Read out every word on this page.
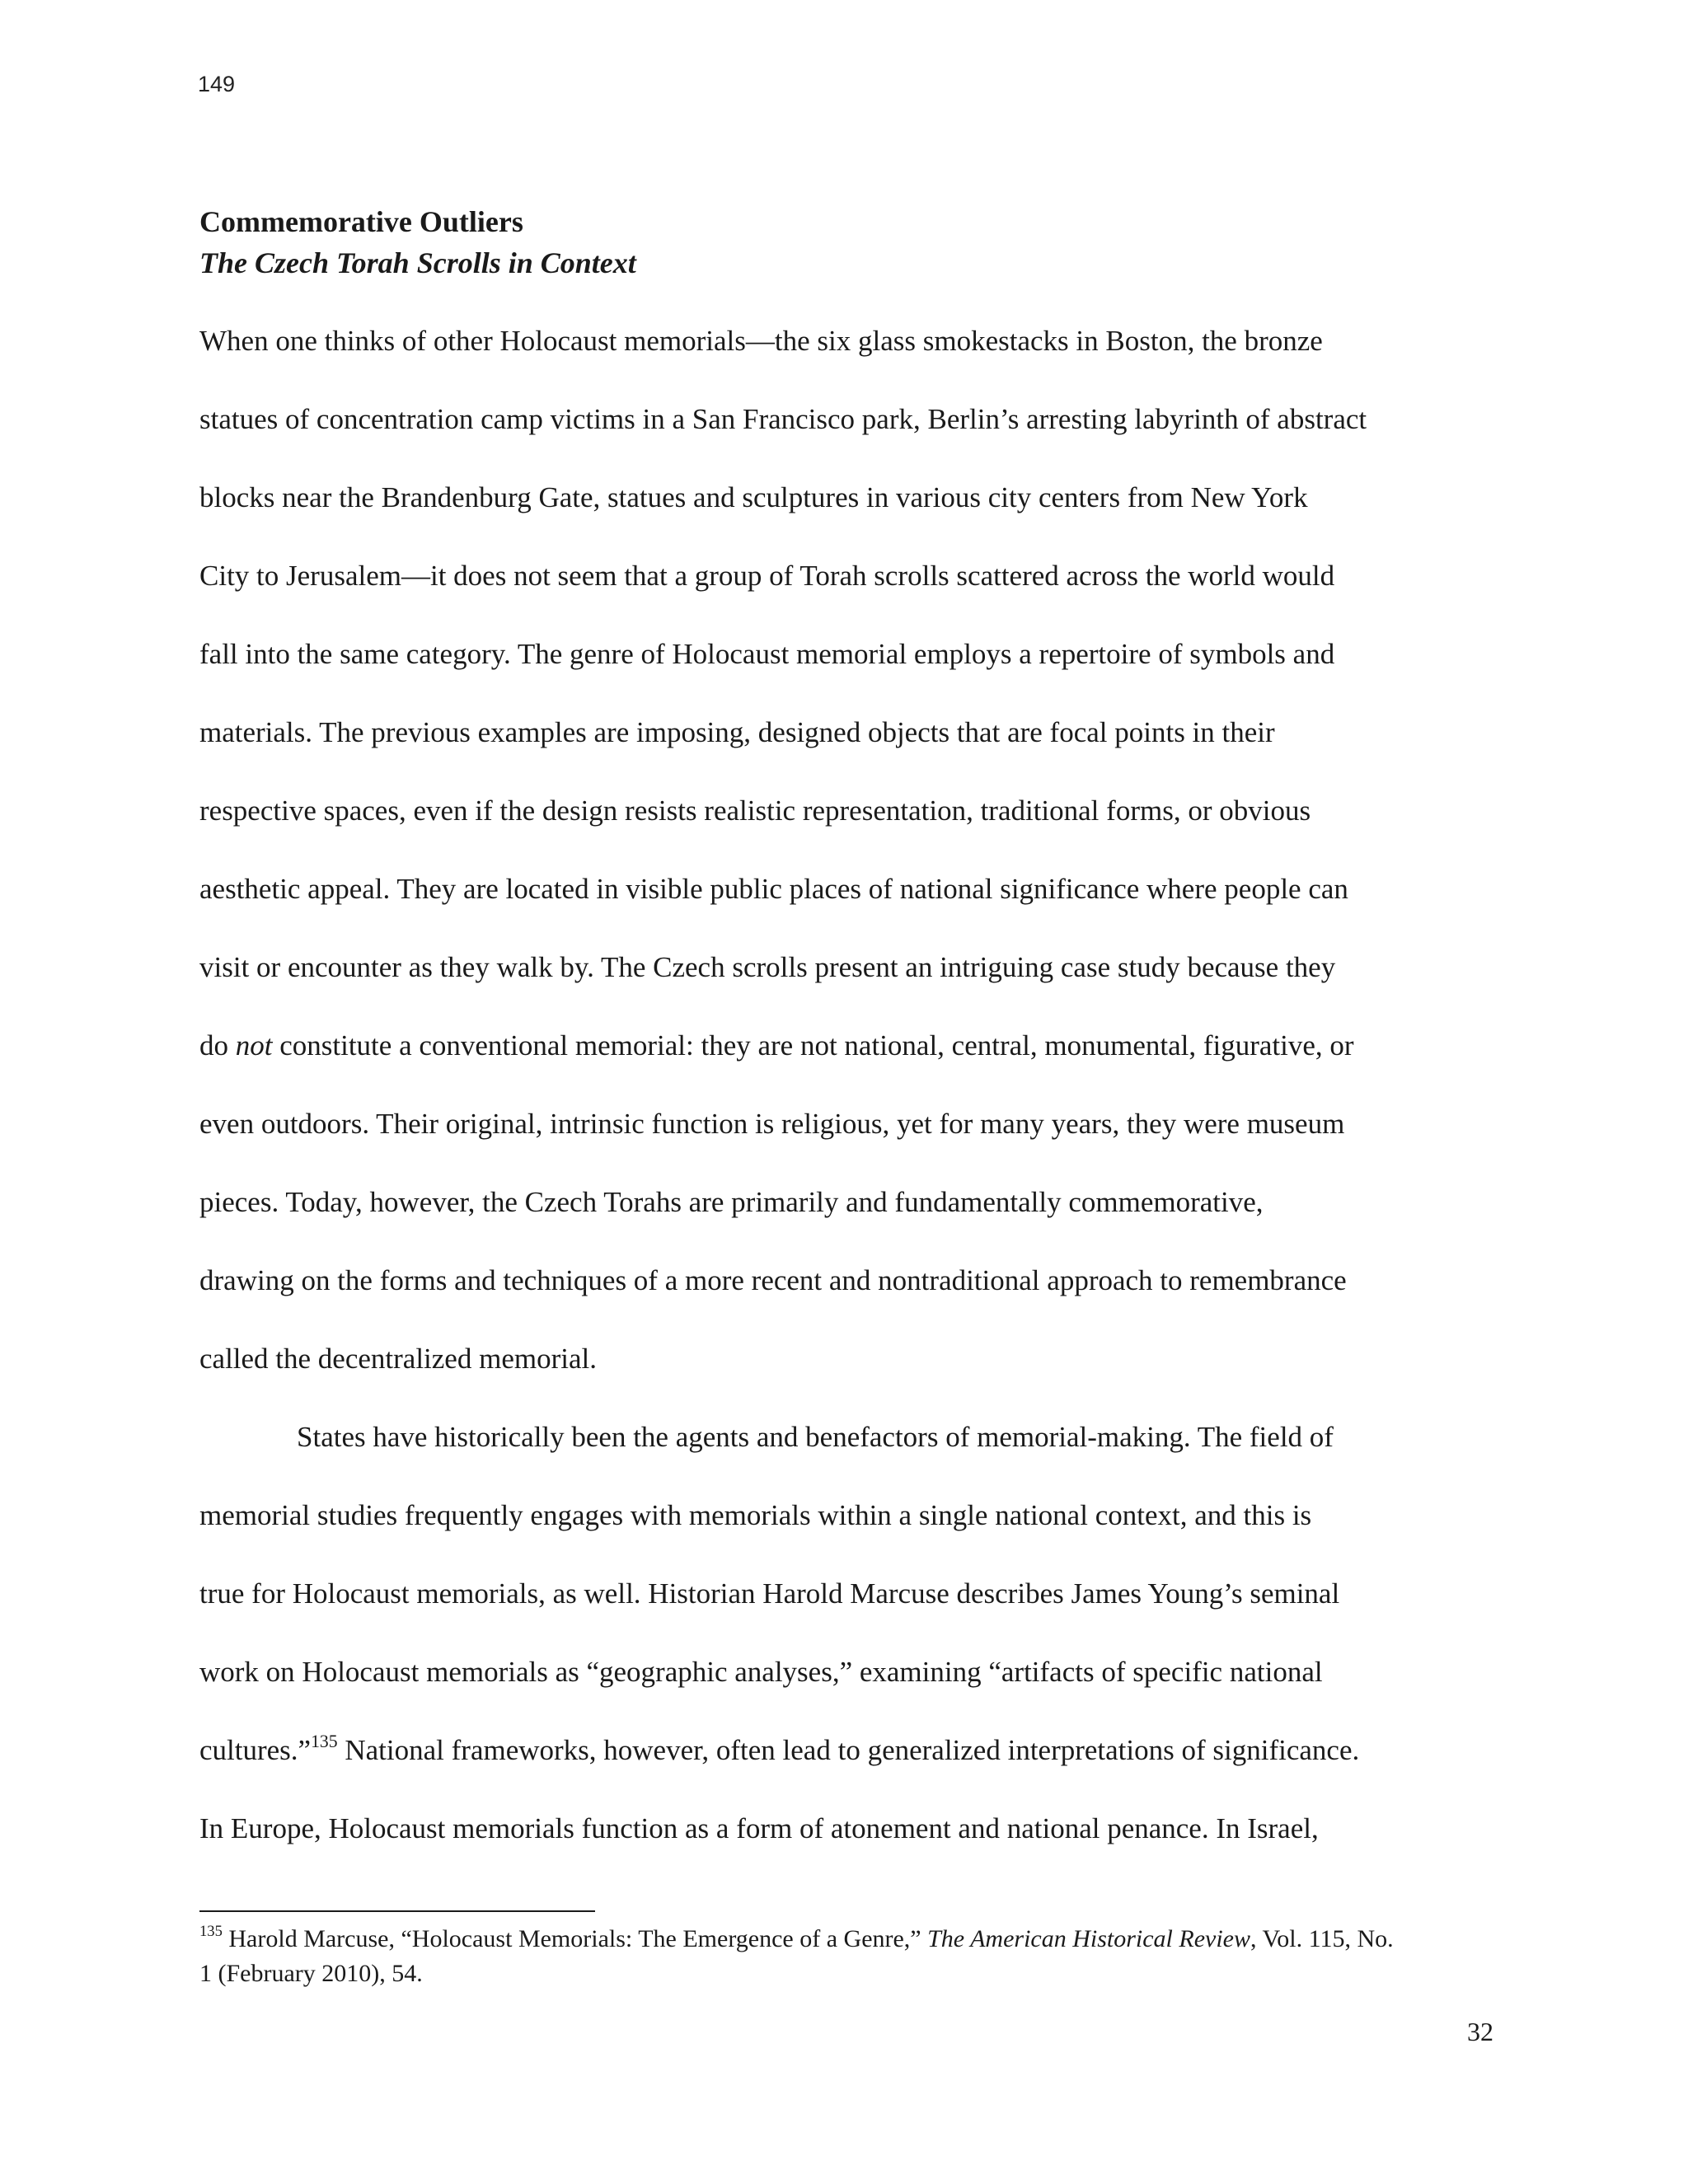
149
Commemorative Outliers
The Czech Torah Scrolls in Context

When one thinks of other Holocaust memorials—the six glass smokestacks in Boston, the bronze

statues of concentration camp victims in a San Francisco park, Berlin’s arresting labyrinth of abstract

blocks near the Brandenburg Gate, statues and sculptures in various city centers from New York

City to Jerusalem—it does not seem that a group of Torah scrolls scattered across the world would

fall into the same category. The genre of Holocaust memorial employs a repertoire of symbols and

materials. The previous examples are imposing, designed objects that are focal points in their

respective spaces, even if the design resists realistic representation, traditional forms, or obvious

aesthetic appeal. They are located in visible public places of national significance where people can

visit or encounter as they walk by. The Czech scrolls present an intriguing case study because they

do not constitute a conventional memorial: they are not national, central, monumental, figurative, or

even outdoors. Their original, intrinsic function is religious, yet for many years, they were museum

pieces. Today, however, the Czech Torahs are primarily and fundamentally commemorative,

drawing on the forms and techniques of a more recent and nontraditional approach to remembrance

called the decentralized memorial.

States have historically been the agents and benefactors of memorial-making. The field of

memorial studies frequently engages with memorials within a single national context, and this is

true for Holocaust memorials, as well. Historian Harold Marcuse describes James Young’s seminal

work on Holocaust memorials as “geographic analyses,” examining “artifacts of specific national

cultures.”$^{135}$ National frameworks, however, often lead to generalized interpretations of significance.

In Europe, Holocaust memorials function as a form of atonement and national penance. In Israel,

$^{135}$ Harold Marcuse, “Holocaust Memorials: The Emergence of a Genre,” The American Historical Review, Vol. 115, No.
1 (February 2010), 54.
32
